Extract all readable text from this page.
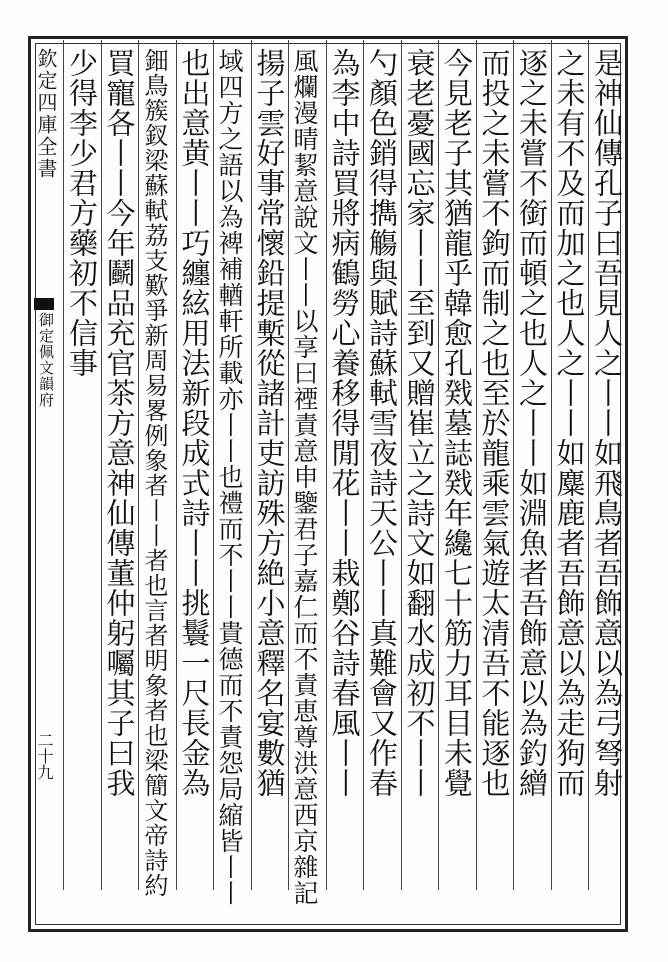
欽定四庫全書
御定佩文韻府
二十九	是神仙傳孔子曰吾見人之丨丨如飛鳥者吾飾意以為弓弩射
之未有不及而加之也人之丨丨如麋鹿者吾飾意以為走狗而
逐之未嘗不銜而頓之也人之丨丨如淵魚者吾飾意以為釣繒
而投之未嘗不鉤而制之也至於龍乘雲氣遊太清吾不能逐也
今見老子其猶龍乎韓愈孔戣墓誌戣年纔七十筋力耳目未覺
衰老憂國忘家丨丨至到又贈崔立之詩文如翻水成初不丨丨
勺顏色銷得擕觴與賦詩蘇軾雪夜詩天公丨丨真難會又作春
為李中詩買將病鶴勞心養移得閒花丨丨栽鄭谷詩春風丨丨
風爛漫晴絜意說文丨丨以享曰禋責意申鑒君子嘉仁而不責恵尊洪意西京雜記
揚子雲好事常懷鉛提槧從諸計吏訪殊方絶小意釋名宴數猶
域四方之語以為裨補輶軒所載亦丨丨也禮而不丨丨貴德而不責怨局縮皆丨丨
也出意黄丨丨巧纏絃用法新段成式詩丨丨挑鬟一尺長金為
鈿鳥簇釵梁蘇軾荔支歎爭新周易畧例象者丨丨者也言者明象者也梁簡文帝詩約
買寵各丨丨今年鬬品充官茶方意神仙傳董仲躬囑其子曰我
少得李少君方藥初不信事
